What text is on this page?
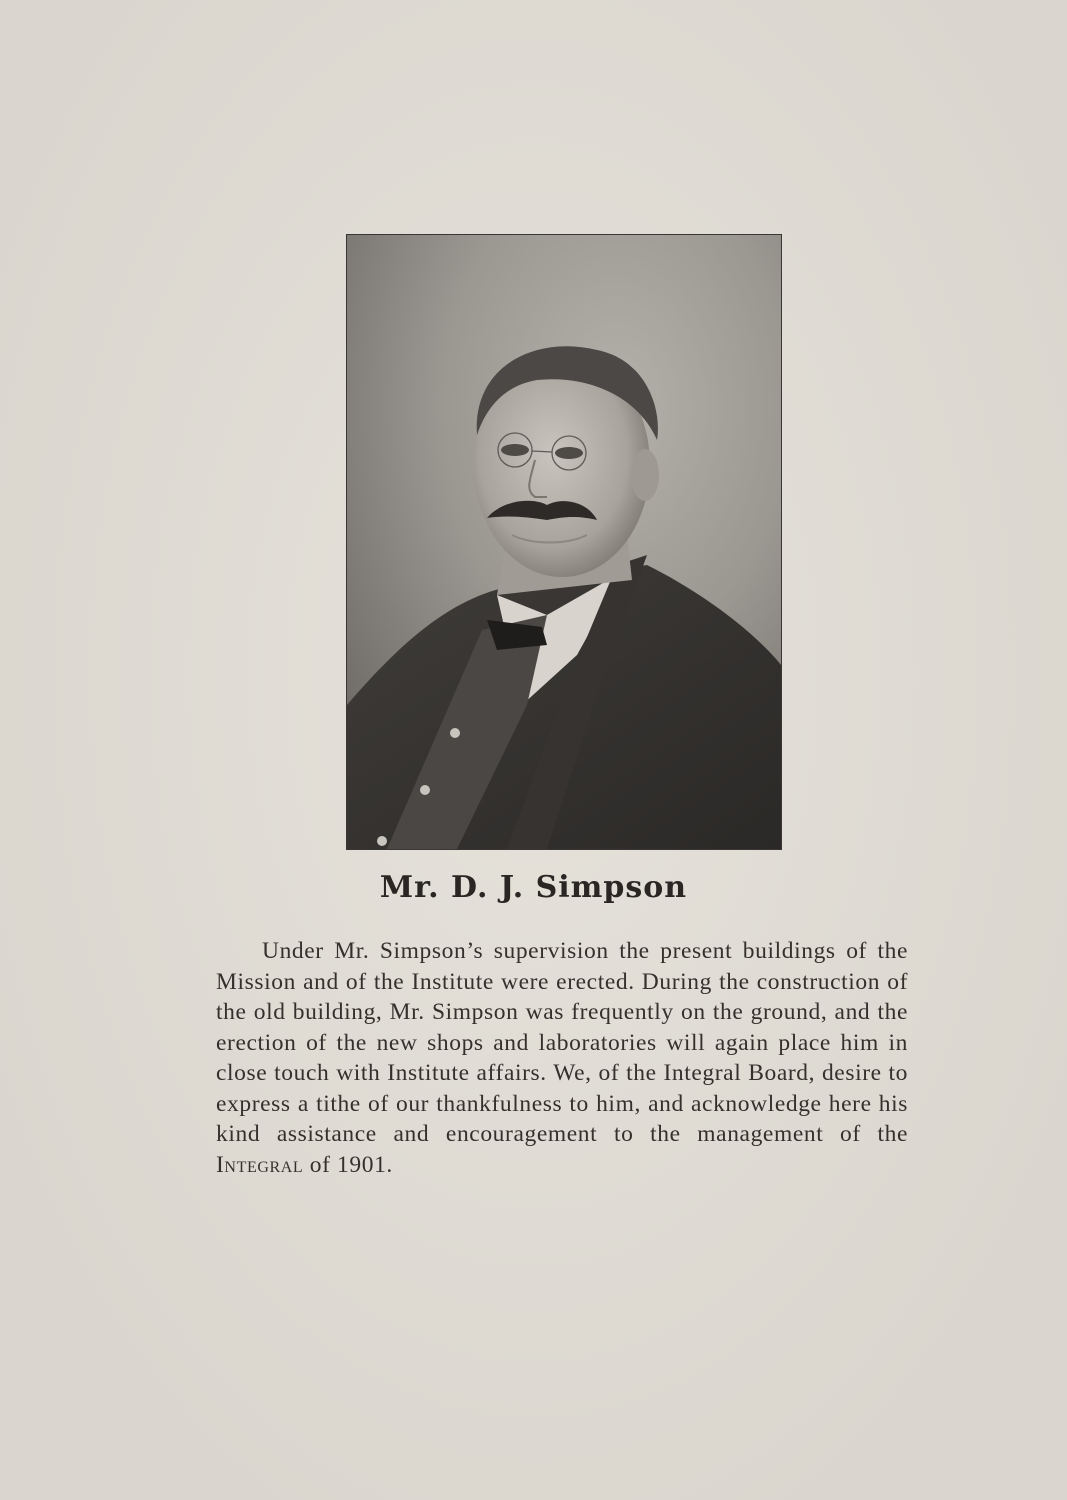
Mr. D. J. Simpson

Under Mr. Simpson’s supervision the present buildings of the Mission and of the Institute were erected. During the construction of the old building, Mr. Simpson was frequently on the ground, and the erection of the new shops and laboratories will again place him in close touch with Institute affairs. We, of the Integral Board, desire to express a tithe of our thankfulness to him, and acknowledge here his kind assistance and encouragement to the management of the Integral of 1901.
